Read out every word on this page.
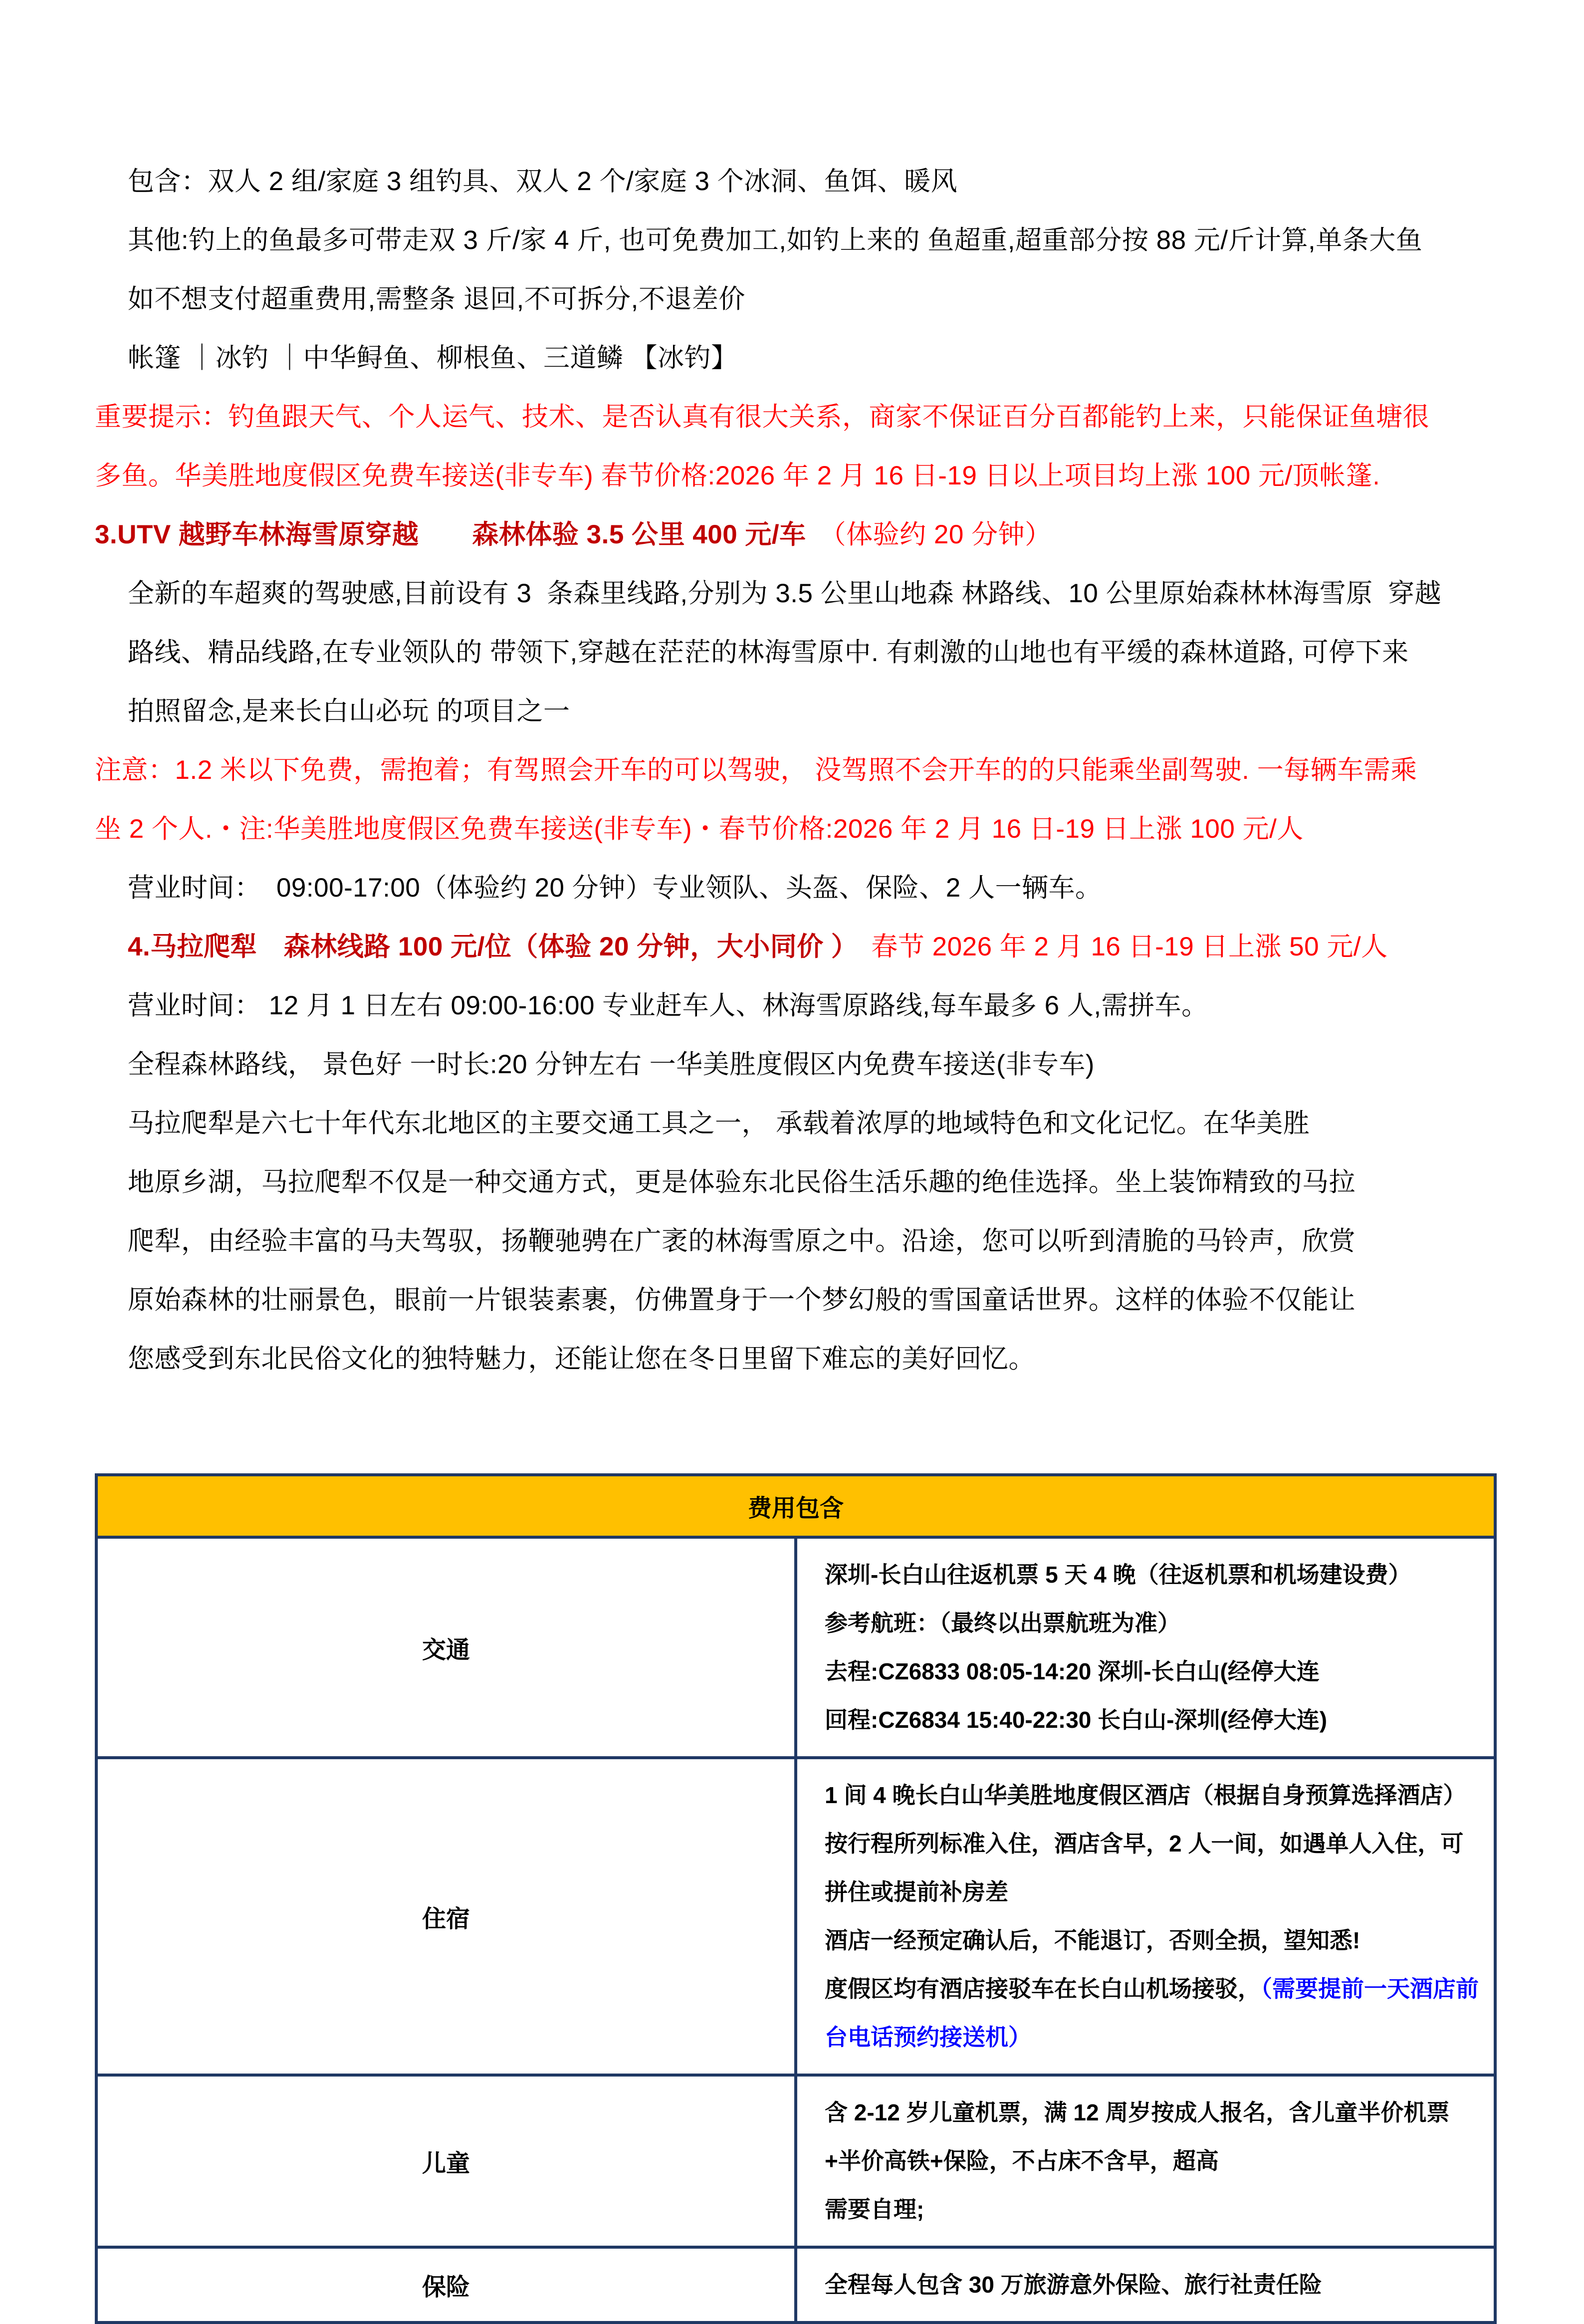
包含：双人 2 组/家庭 3 组钓具、双人 2 个/家庭 3 个冰洞、鱼饵、暖风
其他:钓上的鱼最多可带走双 3 斤/家 4 斤, 也可免费加工,如钓上来的 鱼超重,超重部分按 88 元/斤计算,单条大鱼
如不想支付超重费用,需整条 退回,不可拆分,不退差价
帐篷 ｜冰钓 ｜中华鲟鱼、柳根鱼、三道鳞 【冰钓】
重要提示：钓鱼跟天气、个人运气、技术、是否认真有很大关系，商家不保证百分百都能钓上来，只能保证鱼塘很
多鱼。华美胜地度假区免费车接送(非专车) 春节价格:2026 年 2 月 16 日-19 日以上项目均上涨 100 元/顶帐篷.
3.UTV 越野车林海雪原穿越　　森林体验 3.5 公里 400 元/车　（体验约 20 分钟）
全新的车超爽的驾驶感,目前设有 3  条森里线路,分别为 3.5 公里山地森 林路线、10 公里原始森林林海雪原  穿越
路线、精品线路,在专业领队的 带领下,穿越在茫茫的林海雪原中. 有刺激的山地也有平缓的森林道路, 可停下来
拍照留念,是来长白山必玩 的项目之一
注意：1.2 米以下免费，需抱着；有驾照会开车的可以驾驶， 没驾照不会开车的的只能乘坐副驾驶. 一每辆车需乘
坐 2 个人.・注:华美胜地度假区免费车接送(非专车)・春节价格:2026 年 2 月 16 日-19 日上涨 100 元/人
营业时间：  09:00-17:00（体验约 20 分钟）专业领队、头盔、保险、2 人一辆车。
4.马拉爬犁　森林线路 100 元/位（体验 20 分钟，大小同价 ）　春节 2026 年 2 月 16 日-19 日上涨 50 元/人
营业时间： 12 月 1 日左右 09:00-16:00 专业赶车人、林海雪原路线,每车最多 6 人,需拼车。
全程森林路线， 景色好 一时长:20 分钟左右 一华美胜度假区内免费车接送(非专车)
马拉爬犁是六七十年代东北地区的主要交通工具之一， 承载着浓厚的地域特色和文化记忆。在华美胜
地原乡湖，马拉爬犁不仅是一种交通方式，更是体验东北民俗生活乐趣的绝佳选择。坐上装饰精致的马拉
爬犁，由经验丰富的马夫驾驭，扬鞭驰骋在广袤的林海雪原之中。沿途，您可以听到清脆的马铃声，欣赏
原始森林的壮丽景色，眼前一片银装素裹，仿佛置身于一个梦幻般的雪国童话世界。这样的体验不仅能让
您感受到东北民俗文化的独特魅力，还能让您在冬日里留下难忘的美好回忆。
费用包含	
交通	深圳-长白山往返机票 5 天 4 晚（往返机票和机场建设费）
参考航班：（最终以出票航班为准）
去程:CZ6833 08:05-14:20 深圳-长白山(经停大连
回程:CZ6834 15:40-22:30 长白山-深圳(经停大连)

住宿	1 间 4 晚长白山华美胜地度假区酒店（根据自身预算选择酒店）
按行程所列标准入住，酒店含早，2 人一间，如遇单人入住，可拼住或提前补房差
酒店一经预定确认后，不能退订，否则全损，望知悉!
度假区均有酒店接驳车在长白山机场接驳，（需要提前一天酒店前台电话预约接送机）

儿童	含 2-12 岁儿童机票，满 12 周岁按成人报名，含儿童半价机票+半价高铁+保险，不占床不含早，超高
需要自理;

保险	全程每人包含 30 万旅游意外保险、旅行社责任险
